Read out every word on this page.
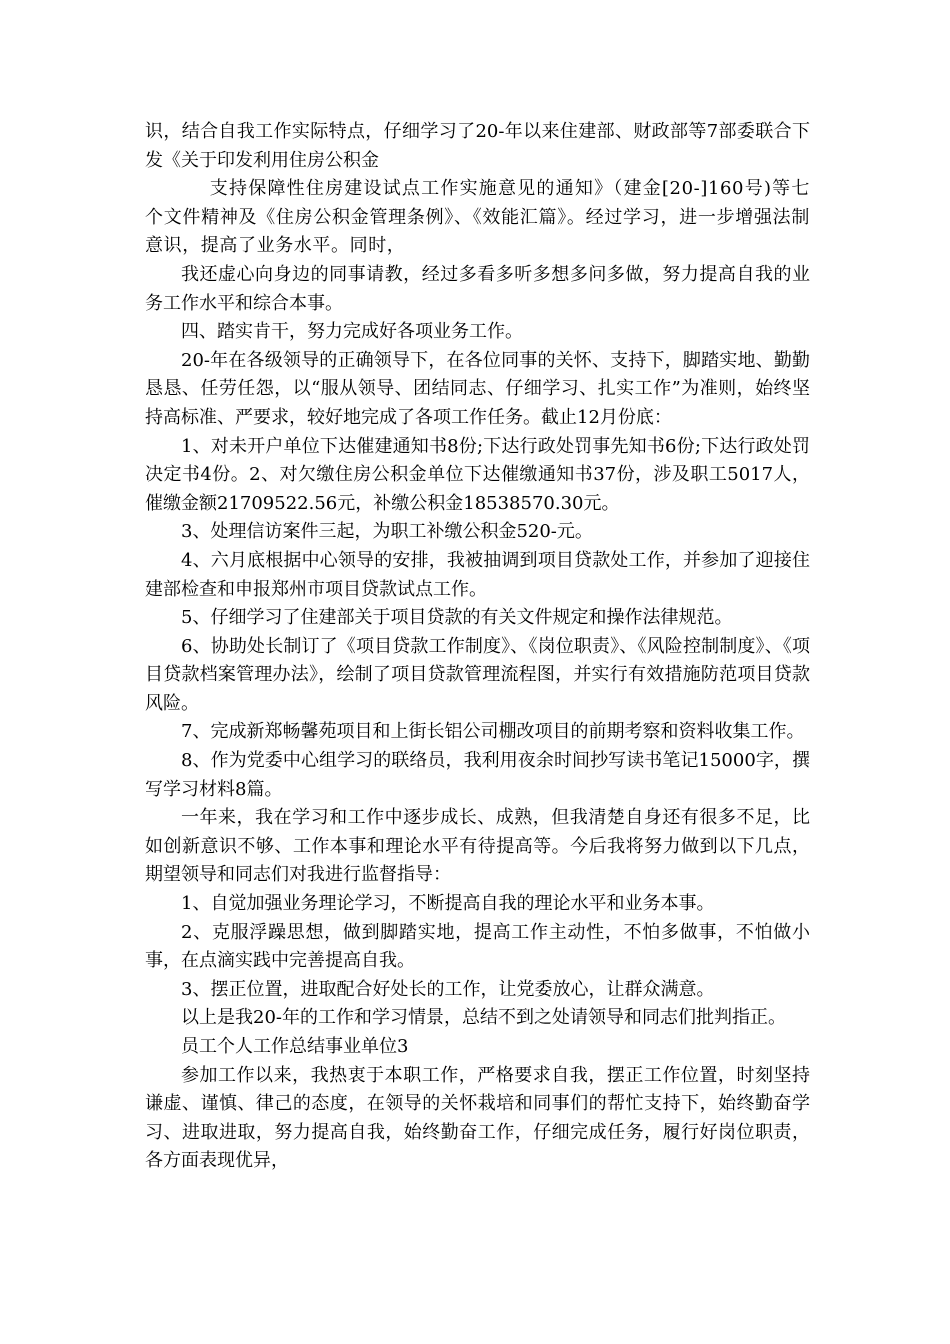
识，结合自我工作实际特点，仔细学习了20-年以来住建部、财政部等7部委联合下发《关于印发利用住房公积金

支持保障性住房建设试点工作实施意见的通知》（建金[20-]160号)等七个文件精神及《住房公积金管理条例》、《效能汇篇》。经过学习，进一步增强法制意识，提高了业务水平。同时，

我还虚心向身边的同事请教，经过多看多听多想多问多做，努力提高自我的业务工作水平和综合本事。

四、踏实肯干，努力完成好各项业务工作。

20-年在各级领导的正确领导下，在各位同事的关怀、支持下，脚踏实地、勤勤恳恳、任劳任怨，以“服从领导、团结同志、仔细学习、扎实工作”为准则，始终坚持高标准、严要求，较好地完成了各项工作任务。截止12月份底：

1、对未开户单位下达催建通知书8份;下达行政处罚事先知书6份;下达行政处罚决定书4份。2、对欠缴住房公积金单位下达催缴通知书37份，涉及职工5017人，催缴金额21709522.56元，补缴公积金18538570.30元。

3、处理信访案件三起，为职工补缴公积金520-元。

4、六月底根据中心领导的安排，我被抽调到项目贷款处工作，并参加了迎接住建部检查和申报郑州市项目贷款试点工作。

5、仔细学习了住建部关于项目贷款的有关文件规定和操作法律规范。

6、协助处长制订了《项目贷款工作制度》、《岗位职责》、《风险控制制度》、《项目贷款档案管理办法》，绘制了项目贷款管理流程图，并实行有效措施防范项目贷款风险。

7、完成新郑畅馨苑项目和上街长铝公司棚改项目的前期考察和资料收集工作。

8、作为党委中心组学习的联络员，我利用夜余时间抄写读书笔记15000字，撰写学习材料8篇。

一年来，我在学习和工作中逐步成长、成熟，但我清楚自身还有很多不足，比如创新意识不够、工作本事和理论水平有待提高等。今后我将努力做到以下几点，期望领导和同志们对我进行监督指导：

1、自觉加强业务理论学习，不断提高自我的理论水平和业务本事。

2、克服浮躁思想，做到脚踏实地，提高工作主动性，不怕多做事，不怕做小事，在点滴实践中完善提高自我。

3、摆正位置，进取配合好处长的工作，让党委放心，让群众满意。

以上是我20-年的工作和学习情景，总结不到之处请领导和同志们批判指正。

员工个人工作总结事业单位3

参加工作以来，我热衷于本职工作，严格要求自我，摆正工作位置，时刻坚持谦虚、谨慎、律己的态度，在领导的关怀栽培和同事们的帮忙支持下，始终勤奋学习、进取进取，努力提高自我，始终勤奋工作，仔细完成任务，履行好岗位职责，各方面表现优异，
